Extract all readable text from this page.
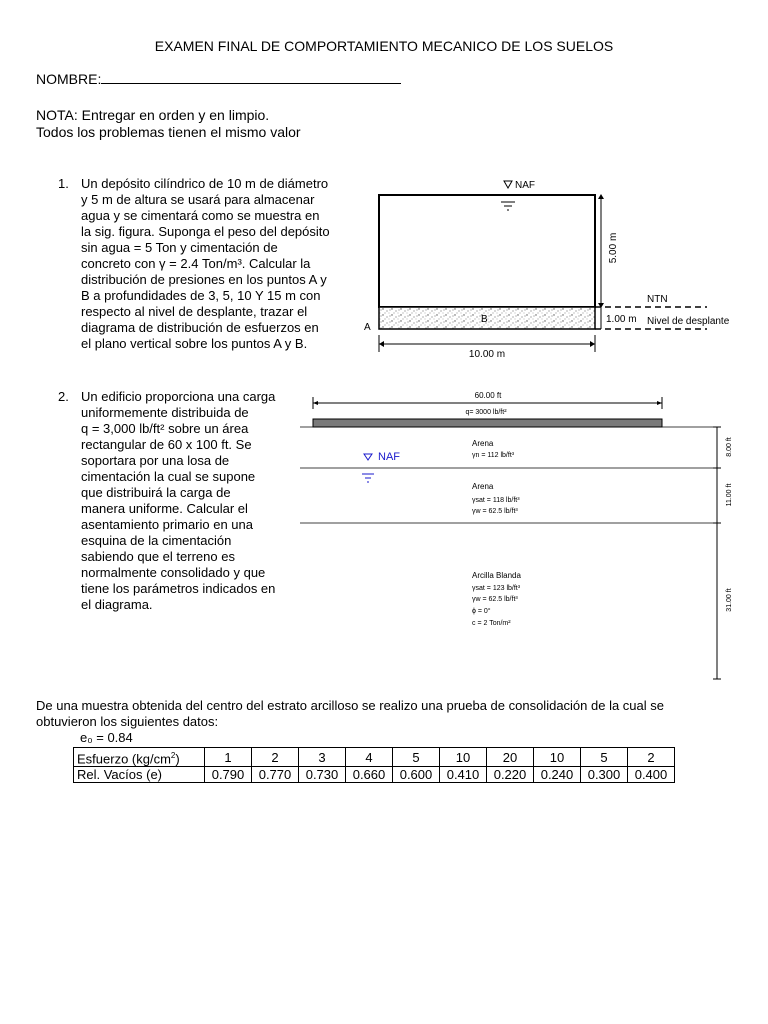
EXAMEN FINAL DE COMPORTAMIENTO MECANICO DE LOS SUELOS
NOMBRE:
NOTA: Entregar en orden y en limpio.
Todos los problemas tienen el mismo valor
1. Un depósito cilíndrico de 10 m de diámetro
y 5 m de altura se usará para almacenar
agua y se cimentará como se muestra en
la sig. figura. Suponga el peso del depósito
sin agua = 5 Ton y cimentación de
concreto con γ = 2.4 Ton/m³. Calcular la
distribución de presiones en los puntos A y
B a profundidades de 3, 5, 10 Y 15 m con
respecto al nivel de desplante, trazar el
diagrama de distribución de esfuerzos en
el plano vertical sobre los puntos A y B.
NAF
5.00 m
NTN
1.00 m Nivel de desplante
A
B
10.00 m
2. Un edificio proporciona una carga
uniformemente distribuida de
q = 3,000 lb/ft² sobre un área
rectangular de 60 x 100 ft. Se
soportara por una losa de
cimentación la cual se supone
que distribuirá la carga de
manera uniforme. Calcular el
asentamiento primario en una
esquina de la cimentación
sabiendo que el terreno es
normalmente consolidado y que
tiene los parámetros indicados en
el diagrama.
60.00 ft
q= 3000 lb/ft²
NAF
Arena
γn = 112 lb/ft³
Arena
γsat = 118 lb/ft³
γw = 62.5 lb/ft³
Arcilla Blanda
γsat = 123 lb/ft³
γw = 62.5 lb/ft³
ϕ = 0°
c = 2 Ton/m²
8.00 ft
11.00 ft
31.00 ft
De una muestra obtenida del centro del estrato arcilloso se realizo una prueba de consolidación de la cual se
obtuvieron los siguientes datos:
e₀ = 0.84
Esfuerzo $(kg/cm^2)$	1	2	3	4	5	10	20	10	5	2
Rel. Vacíos (e)	0.790	0.770	0.730	0.660	0.600	0.410	0.220	0.240	0.300	0.400
